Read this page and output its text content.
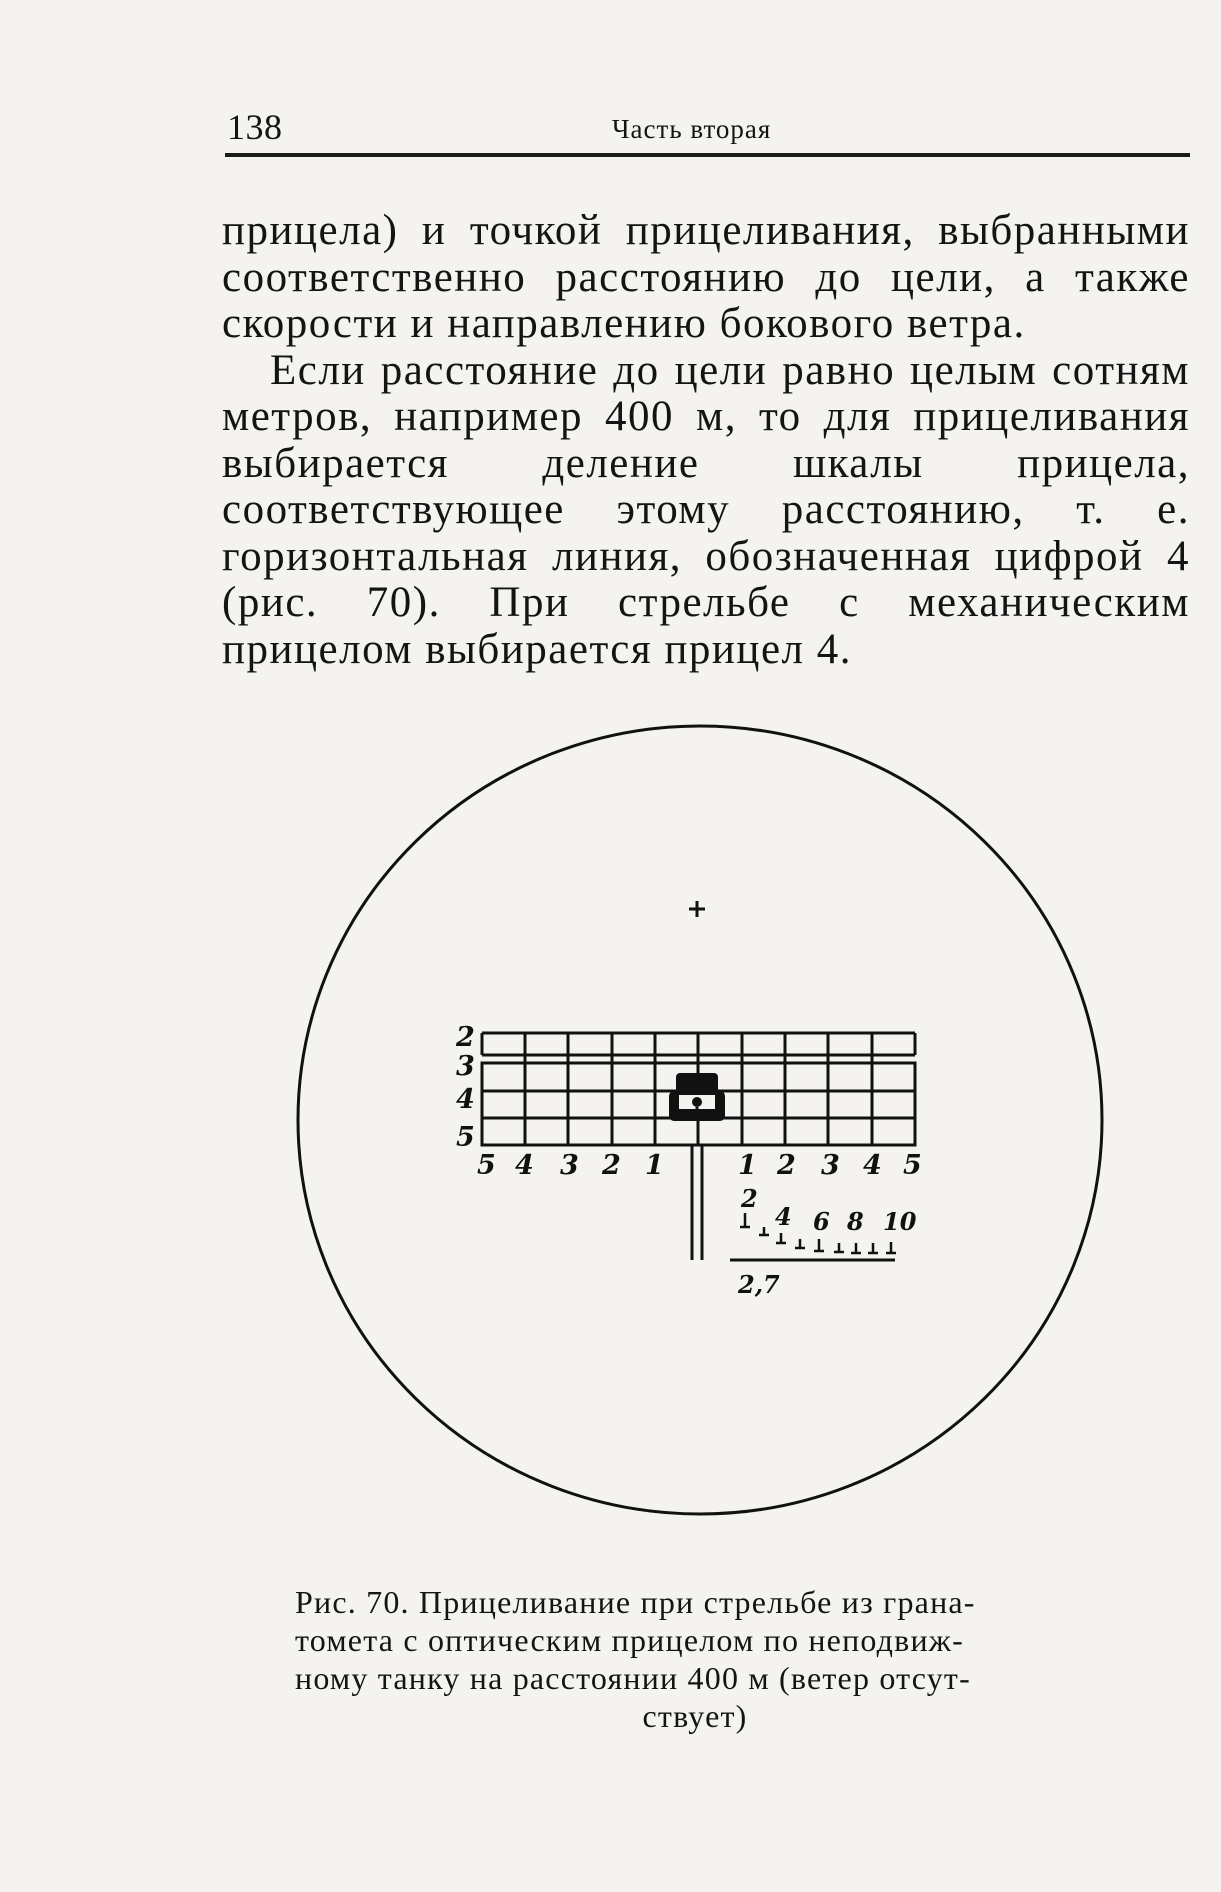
138	Часть вторая

прицела) и точкой прицеливания, выбранными соответственно расстоянию до цели, а также скорости и направлению бокового ветра.

Если расстояние до цели равно целым сотням метров, например 400 м, то для прицеливания выбирается деление шкалы прицела, соответствующее этому расстоянию, т. е. горизонтальная линия, обозначенная цифрой 4 (рис. 70). При стрельбе с механическим прицелом выбирается прицел 4.

2
3
4
5
5 4 3 2 1	1 2 3 4 5
2
4 6 8 10
2,7
Рис. 70. Прицеливание при стрельбе из грана-
томета с оптическим прицелом по неподвиж-
ному танку на расстоянии 400 м (ветер отсут-
ствует)
